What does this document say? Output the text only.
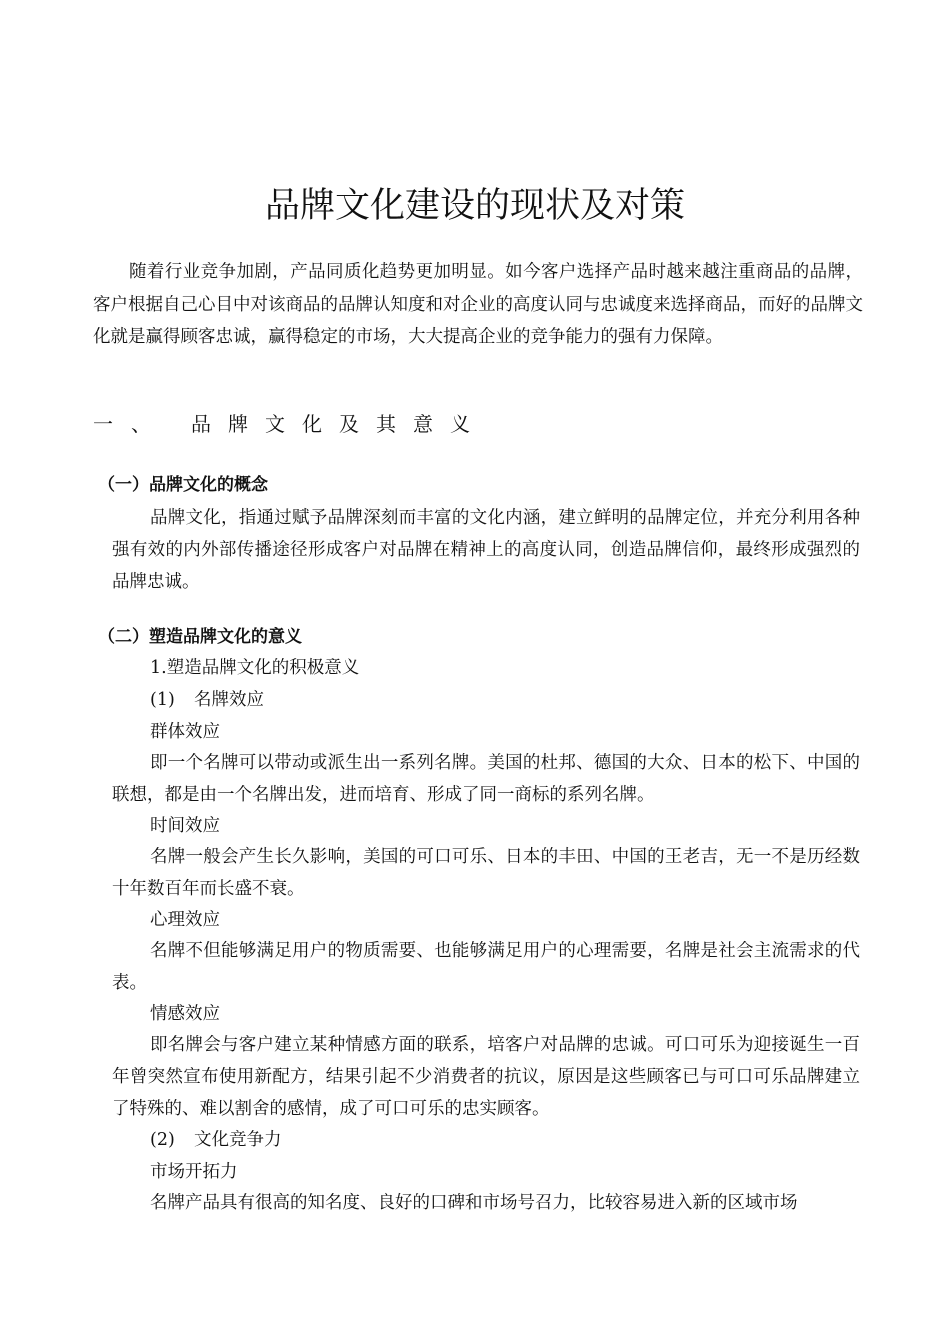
品牌文化建设的现状及对策

随着行业竞争加剧，产品同质化趋势更加明显。如今客户选择产品时越来越注重商品的品牌，客户根据自己心目中对该商品的品牌认知度和对企业的高度认同与忠诚度来选择商品，而好的品牌文化就是赢得顾客忠诚，赢得稳定的市场，大大提高企业的竞争能力的强有力保障。

一、 品牌文化及其意义
（一）品牌文化的概念

品牌文化，指通过赋予品牌深刻而丰富的文化内涵，建立鲜明的品牌定位，并充分利用各种强有效的内外部传播途径形成客户对品牌在精神上的高度认同，创造品牌信仰，最终形成强烈的品牌忠诚。

（二）塑造品牌文化的意义

1.塑造品牌文化的积极意义

(1) 名牌效应

群体效应

即一个名牌可以带动或派生出一系列名牌。美国的杜邦、德国的大众、日本的松下、中国的联想，都是由一个名牌出发，进而培育、形成了同一商标的系列名牌。

时间效应

名牌一般会产生长久影响，美国的可口可乐、日本的丰田、中国的王老吉，无一不是历经数十年数百年而长盛不衰。

心理效应

名牌不但能够满足用户的物质需要、也能够满足用户的心理需要，名牌是社会主流需求的代表。

情感效应

即名牌会与客户建立某种情感方面的联系，培客户对品牌的忠诚。可口可乐为迎接诞生一百年曾突然宣布使用新配方，结果引起不少消费者的抗议，原因是这些顾客已与可口可乐品牌建立了特殊的、难以割舍的感情，成了可口可乐的忠实顾客。

(2) 文化竞争力

市场开拓力

名牌产品具有很高的知名度、良好的口碑和市场号召力，比较容易进入新的区域市场
